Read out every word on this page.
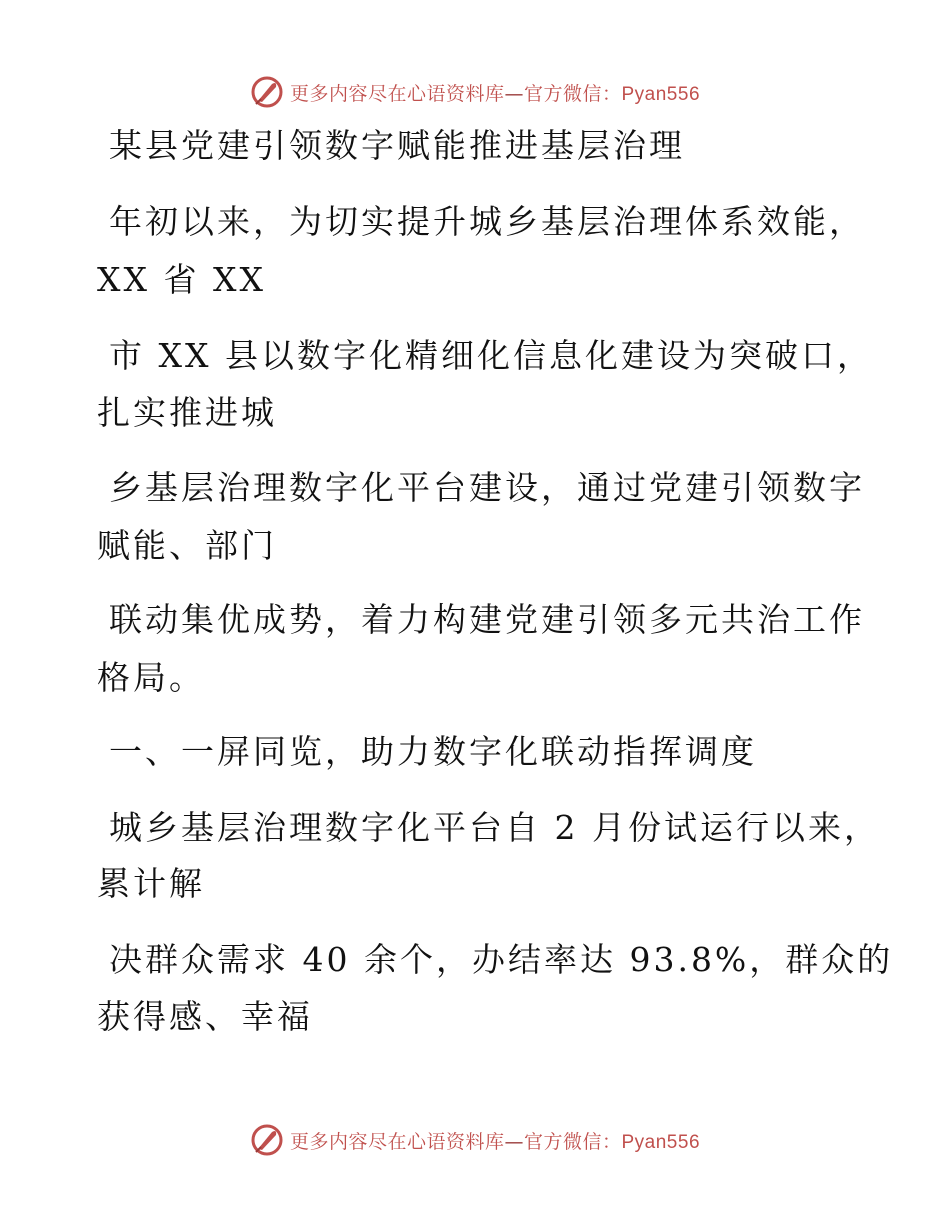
更多内容尽在心语资料库—官方微信：Pyan556
某县党建引领数字赋能推进基层治理
年初以来，为切实提升城乡基层治理体系效能，
XX 省 XX
市 XX 县以数字化精细化信息化建设为突破口，
扎实推进城
乡基层治理数字化平台建设，通过党建引领数字
赋能、部门
联动集优成势，着力构建党建引领多元共治工作
格局。
一、一屏同览，助力数字化联动指挥调度
城乡基层治理数字化平台自 2 月份试运行以来，
累计解
决群众需求 40 余个，办结率达 93.8%，群众的
获得感、幸福
更多内容尽在心语资料库—官方微信：Pyan556
